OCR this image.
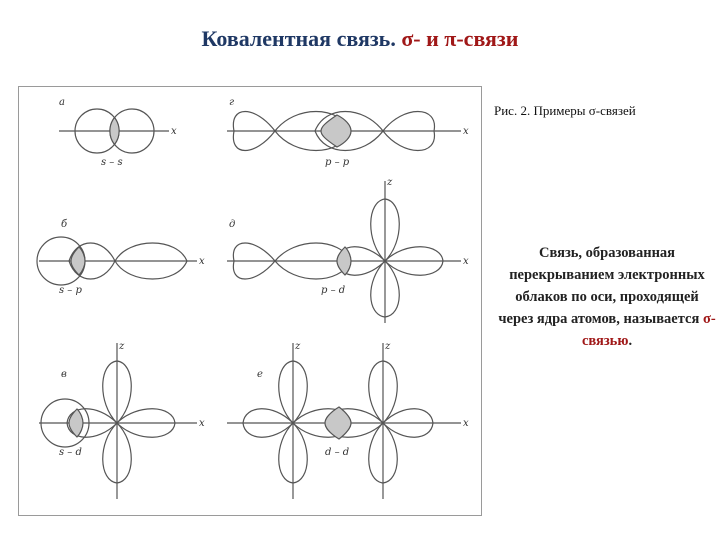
Ковалентная связь. σ- и π-связи
а
x
s – s
г
x
p – p
б
x
s – p
д
x
z
p – d
в
x
z
s – d
е
x
z	z
d – d
Рис. 2. Примеры σ-связей
Связь, образованная перекрыванием электронных облаков по оси, проходящей через ядра атомов, называется σ-связью.
